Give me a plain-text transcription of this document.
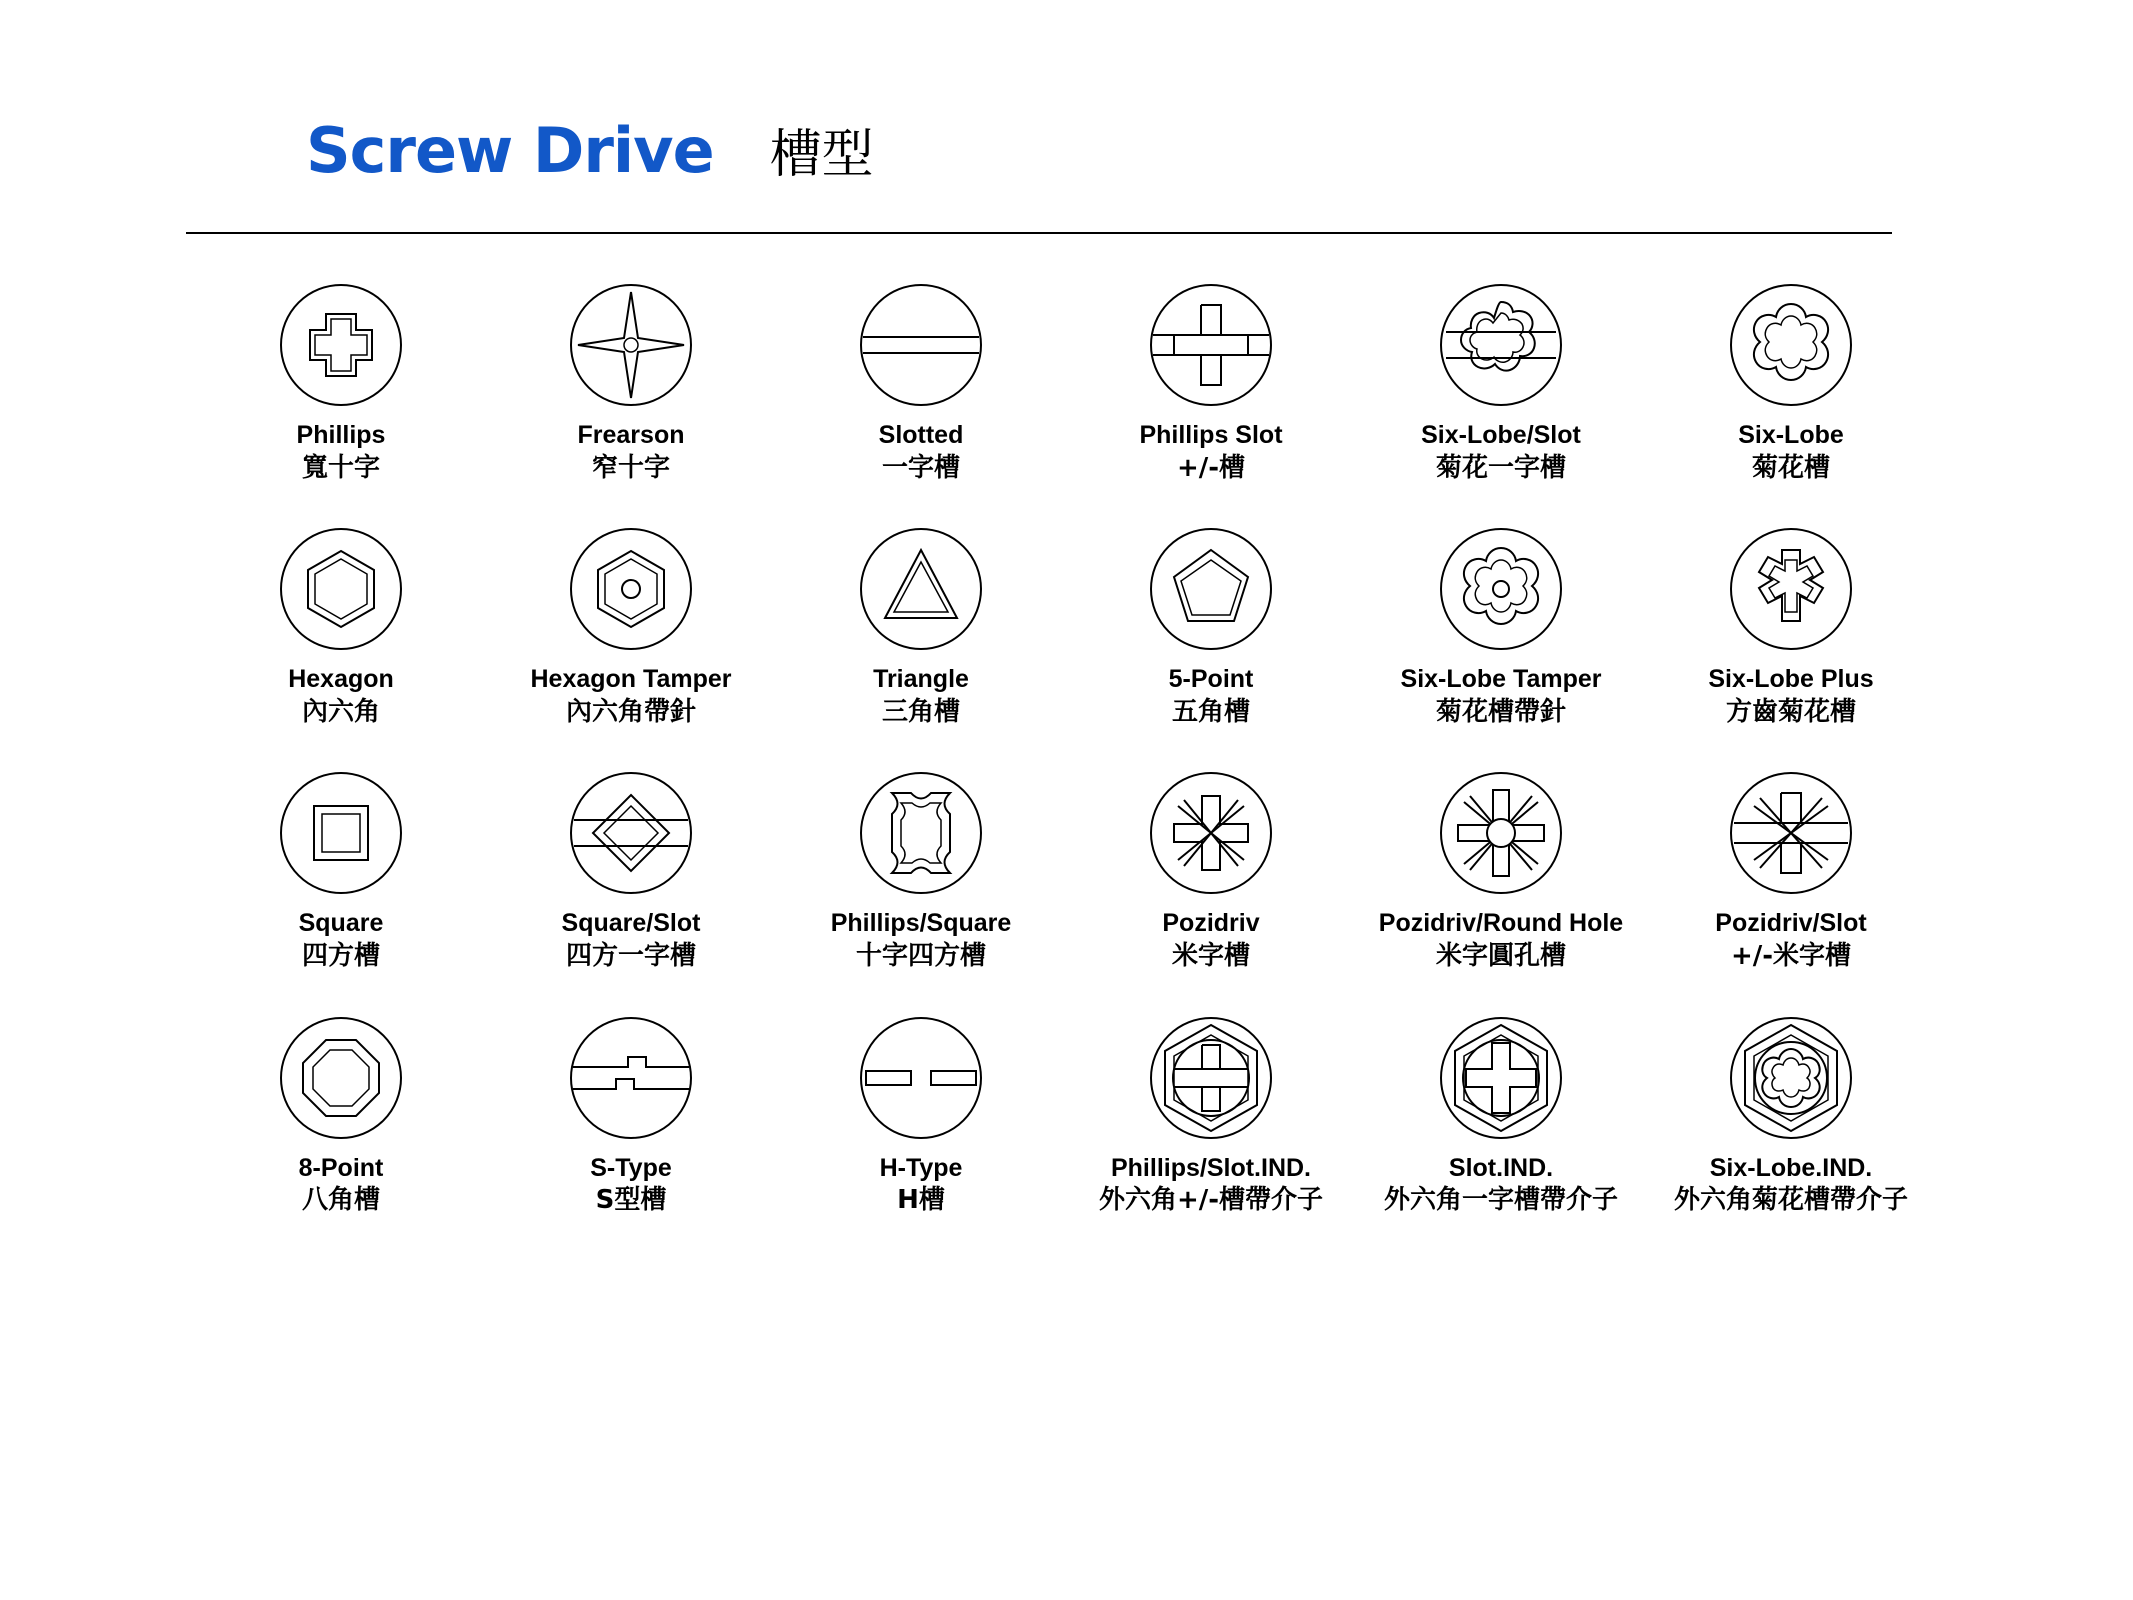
Screw Drive 槽型
Phillips
寬十字
Frearson
窄十字
Slotted
一字槽
Phillips Slot
+/-槽
Six-Lobe/Slot
菊花一字槽
Six-Lobe
菊花槽
Hexagon
內六角
Hexagon Tamper
內六角帶針
Triangle
三角槽
5-Point
五角槽
Six-Lobe Tamper
菊花槽帶針
Six-Lobe Plus
方齒菊花槽
Square
四方槽
Square/Slot
四方一字槽
Phillips/Square
十字四方槽
Pozidriv
米字槽
Pozidriv/Round Hole
米字圓孔槽
Pozidriv/Slot
+/-米字槽
8-Point
八角槽
S-Type
S型槽
H-Type
H槽
Phillips/Slot.IND.
外六角+/-槽帶介子
Slot.IND.
外六角一字槽帶介子
Six-Lobe.IND.
外六角菊花槽帶介子
